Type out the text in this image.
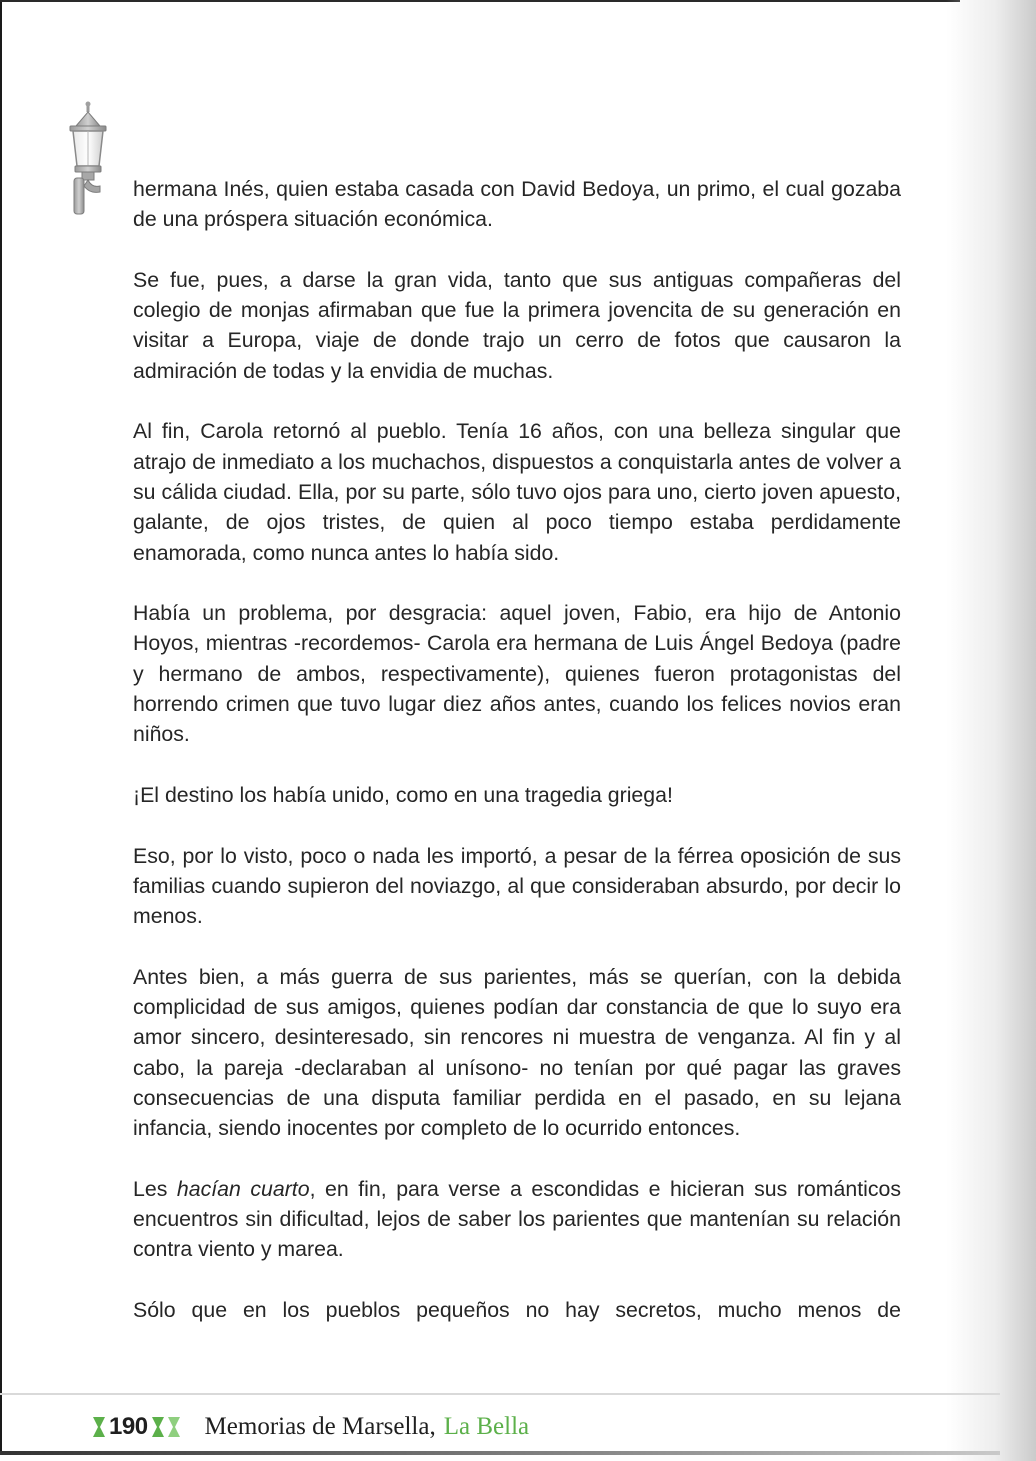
hermana Inés, quien estaba casada con David Bedoya, un primo, el cual gozaba de una próspera situación económica.

Se fue, pues, a darse la gran vida, tanto que sus antiguas compañeras del colegio de monjas afirmaban que fue la primera jovencita de su generación en visitar a Europa, viaje de donde trajo un cerro de fotos que causaron la admiración de todas y la envidia de muchas.

Al fin, Carola retornó al pueblo. Tenía 16 años, con una belleza singular que atrajo de inmediato a los muchachos, dispuestos a conquistarla antes de volver a su cálida ciudad. Ella, por su parte, sólo tuvo ojos para uno, cierto joven apuesto, galante, de ojos tristes, de quien al poco tiempo estaba perdidamente enamorada, como nunca antes lo había sido.

Había un problema, por desgracia: aquel joven, Fabio, era hijo de Antonio Hoyos, mientras -recordemos- Carola era hermana de Luis Ángel Bedoya (padre y hermano de ambos, respectivamente), quienes fueron protagonistas del horrendo crimen que tuvo lugar diez años antes, cuando los felices novios eran niños.

¡El destino los había unido, como en una tragedia griega!

Eso, por lo visto, poco o nada les importó, a pesar de la férrea oposición de sus familias cuando supieron del noviazgo, al que consideraban absurdo, por decir lo menos.

Antes bien, a más guerra de sus parientes, más se querían, con la debida complicidad de sus amigos, quienes podían dar constancia de que lo suyo era amor sincero, desinteresado, sin rencores ni muestra de venganza. Al fin y al cabo, la pareja -declaraban al unísono- no tenían por qué pagar las graves consecuencias de una disputa familiar perdida en el pasado, en su lejana infancia, siendo inocentes por completo de lo ocurrido entonces.

Les hacían cuarto, en fin, para verse a escondidas e hicieran sus románticos encuentros sin dificultad, lejos de saber los parientes que mantenían su relación contra viento y marea.

Sólo que en los pueblos pequeños no hay secretos, mucho menos de

190 Memorias de Marsella, La Bella
